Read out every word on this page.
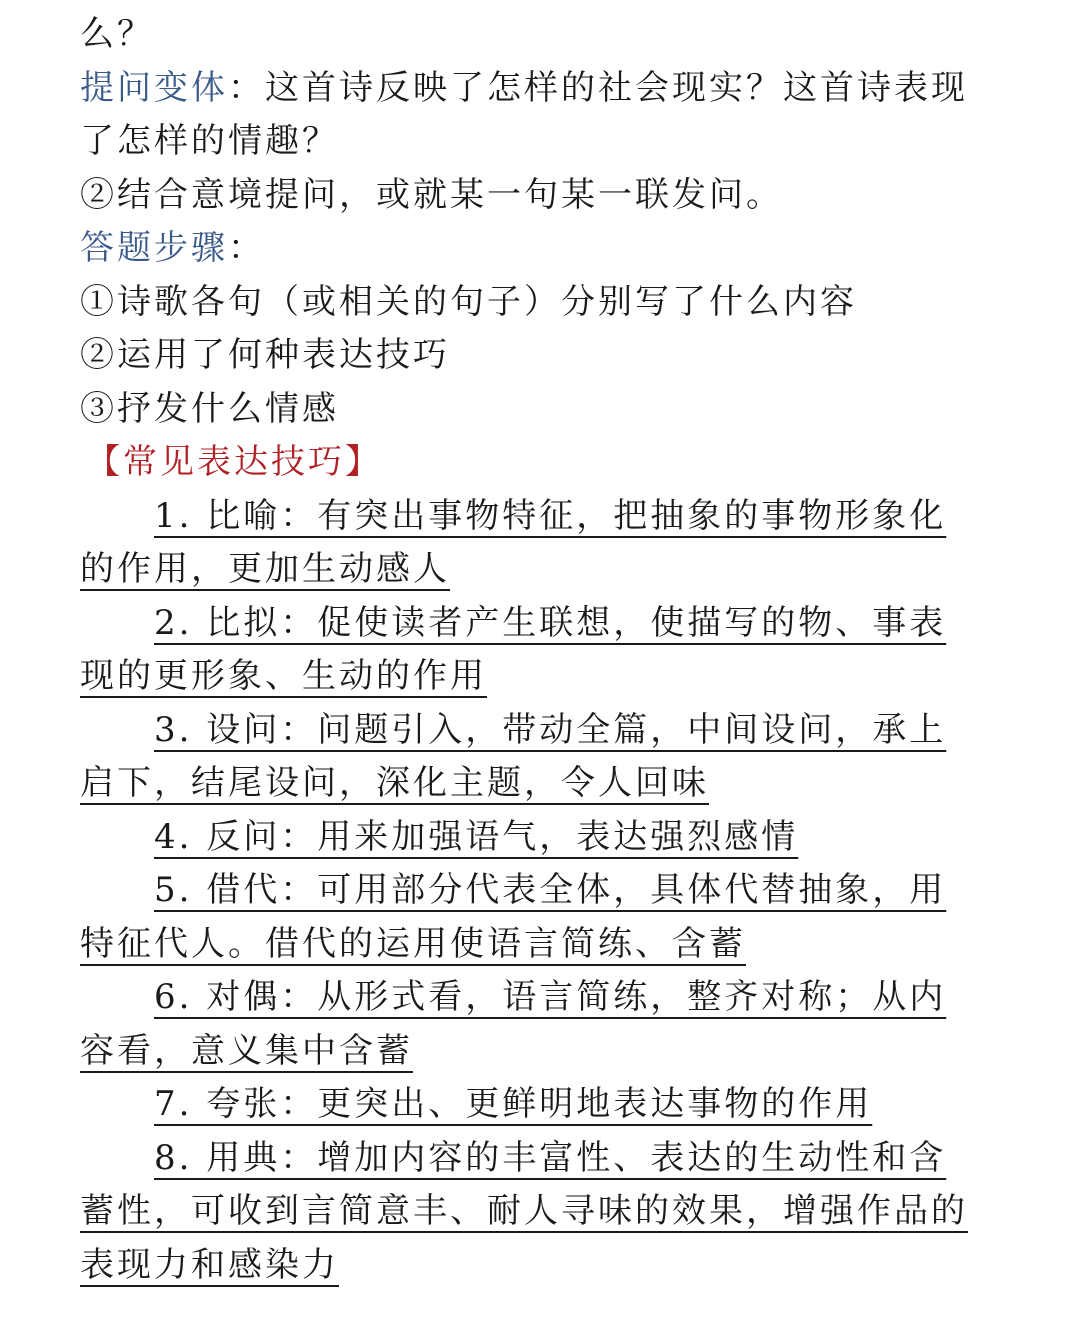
么？
提问变体：这首诗反映了怎样的社会现实？这首诗表现了怎样的情趣？
②结合意境提问，或就某一句某一联发问。
答题步骤：
①诗歌各句（或相关的句子）分别写了什么内容
②运用了何种表达技巧
③抒发什么情感
【常见表达技巧】
1. 比喻：有突出事物特征，把抽象的事物形象化的作用，更加生动感人
2. 比拟：促使读者产生联想，使描写的物、事表现的更形象、生动的作用
3. 设问：问题引入，带动全篇，中间设问，承上启下，结尾设问，深化主题，令人回味
4. 反问：用来加强语气，表达强烈感情
5. 借代：可用部分代表全体，具体代替抽象，用特征代人。借代的运用使语言简练、含蓄
6. 对偶：从形式看，语言简练，整齐对称；从内容看，意义集中含蓄
7. 夸张：更突出、更鲜明地表达事物的作用
8. 用典：增加内容的丰富性、表达的生动性和含蓄性，可收到言简意丰、耐人寻味的效果，增强作品的表现力和感染力
